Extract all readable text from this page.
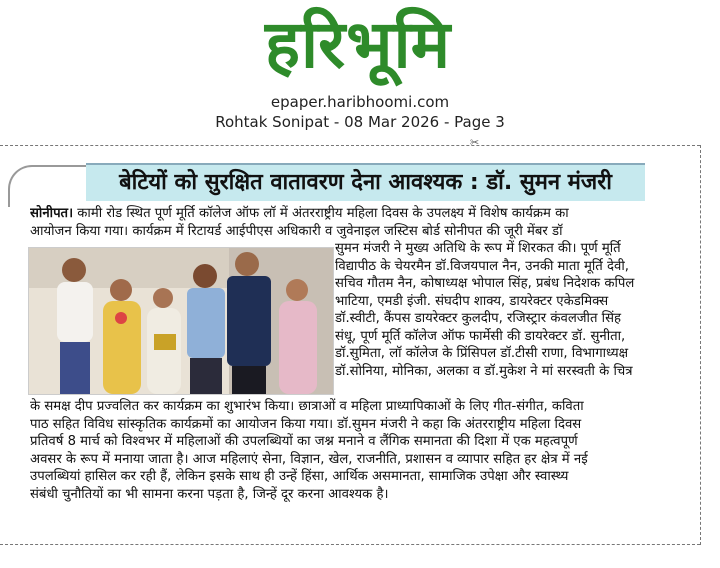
हरिभूमि
epaper.haribhoomi.com
Rohtak Sonipat - 08 Mar 2026 - Page 3
✂
बेटियों को सुरक्षित वातावरण देना आवश्यक : डॉ. सुमन मंजरी
सोनीपत। कामी रोड स्थित पूर्ण मूर्ति कॉलेज ऑफ लॉ में अंतरराष्ट्रीय महिला दिवस के उपलक्ष्य में विशेष कार्यक्रम का
आयोजन किया गया। कार्यक्रम में रिटायर्ड आईपीएस अधिकारी व जुवेनाइल जस्टिस बोर्ड सोनीपत की जूरी मेंबर डॉ
सुमन मंजरी ने मुख्य अतिथि के रूप में शिरकत की। पूर्ण मूर्ति
विद्यापीठ के चेयरमैन डॉ.विजयपाल नैन, उनकी माता मूर्ति देवी,
सचिव गौतम नैन, कोषाध्यक्ष भोपाल सिंह, प्रबंध निदेशक कपिल
भाटिया, एमडी इंजी. संघदीप शाक्य, डायरेक्टर एकेडमिक्स
डॉ.स्वीटी, कैंपस डायरेक्टर कुलदीप, रजिस्ट्रार कंवलजीत सिंह
संधू, पूर्ण मूर्ति कॉलेज ऑफ फार्मेसी की डायरेक्टर डॉ. सुनीता,
डॉ.सुमिता, लॉ कॉलेज के प्रिंसिपल डॉ.टीसी राणा, विभागाध्यक्ष
डॉ.सोनिया, मोनिका, अलका व डॉ.मुकेश ने मां सरस्वती के चित्र
के समक्ष दीप प्रज्वलित कर कार्यक्रम का शुभारंभ किया। छात्राओं व महिला प्राध्यापिकाओं के लिए गीत-संगीत, कविता
पाठ सहित विविध सांस्कृतिक कार्यक्रमों का आयोजन किया गया। डॉ.सुमन मंजरी ने कहा कि अंतरराष्ट्रीय महिला दिवस
प्रतिवर्ष 8 मार्च को विश्वभर में महिलाओं की उपलब्धियों का जश्न मनाने व लैंगिक समानता की दिशा में एक महत्वपूर्ण
अवसर के रूप में मनाया जाता है। आज महिलाएं सेना, विज्ञान, खेल, राजनीति, प्रशासन व व्यापार सहित हर क्षेत्र में नई
उपलब्धियां हासिल कर रही हैं, लेकिन इसके साथ ही उन्हें हिंसा, आर्थिक असमानता, सामाजिक उपेक्षा और स्वास्थ्य
संबंधी चुनौतियों का भी सामना करना पड़ता है, जिन्हें दूर करना आवश्यक है।
